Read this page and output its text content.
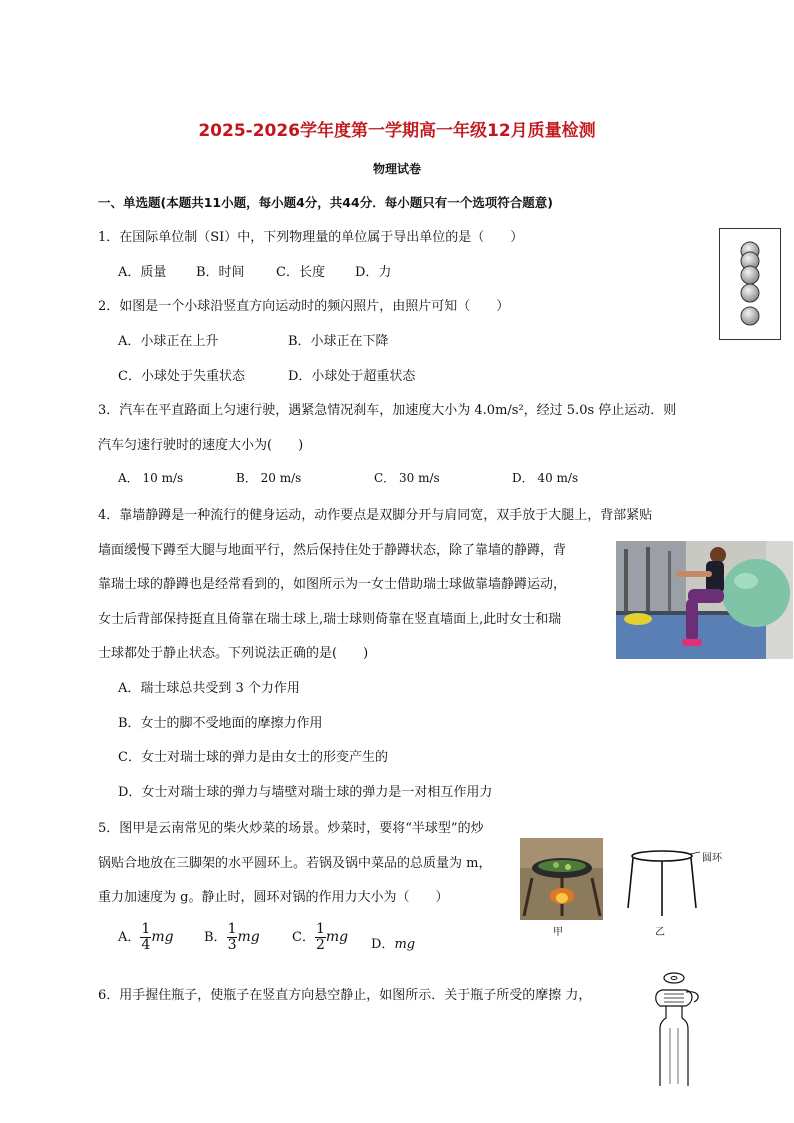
2025-2026学年度第一学期高一年级12月质量检测
物理试卷
一、单选题(本题共11小题，每小题4分，共44分．每小题只有一个选项符合题意)
1．在国际单位制（SI）中，下列物理量的单位属于导出单位的是（　　）
A．质量 B．时间 C．长度 D．力
2．如图是一个小球沿竖直方向运动时的频闪照片，由照片可知（　　）
A．小球正在上升	B．小球正在下降
C．小球处于失重状态	D．小球处于超重状态
3．汽车在平直路面上匀速行驶，遇紧急情况刹车，加速度大小为 4.0m/s²，经过 5.0s 停止运动．则
汽车匀速行驶时的速度大小为(　　)
A． 10 m/s	B． 20 m/s	C． 30 m/s	D． 40 m/s
4．靠墙静蹲是一种流行的健身运动，动作要点是双脚分开与肩同宽，双手放于大腿上，背部紧贴
墙面缓慢下蹲至大腿与地面平行，然后保持住处于静蹲状态，除了靠墙的静蹲，背
靠瑞士球的静蹲也是经常看到的，如图所示为一女士借助瑞士球做靠墙静蹲运动，
女士后背部保持挺直且倚靠在瑞士球上,瑞士球则倚靠在竖直墙面上,此时女士和瑞
士球都处于静止状态。下列说法正确的是(　　)
A．瑞士球总共受到 3 个力作用
B．女士的脚不受地面的摩擦力作用
C．女士对瑞士球的弹力是由女士的形变产生的
D．女士对瑞士球的弹力与墙壁对瑞士球的弹力是一对相互作用力
5．图甲是云南常见的柴火炒菜的场景。炒菜时，要将“半球型”的炒
锅贴合地放在三脚架的水平圆环上。若锅及锅中菜品的总质量为 m，
重力加速度为 g。静止时，圆环对锅的作用力大小为（　　）
A． $\frac{1}{4}$ mg B． $\frac{1}{3}$ mg C． $\frac{1}{2}$ mg D．mg
甲
圆环
乙
6．用手握住瓶子，使瓶子在竖直方向悬空静止，如图所示．关于瓶子所受的摩擦 力，
